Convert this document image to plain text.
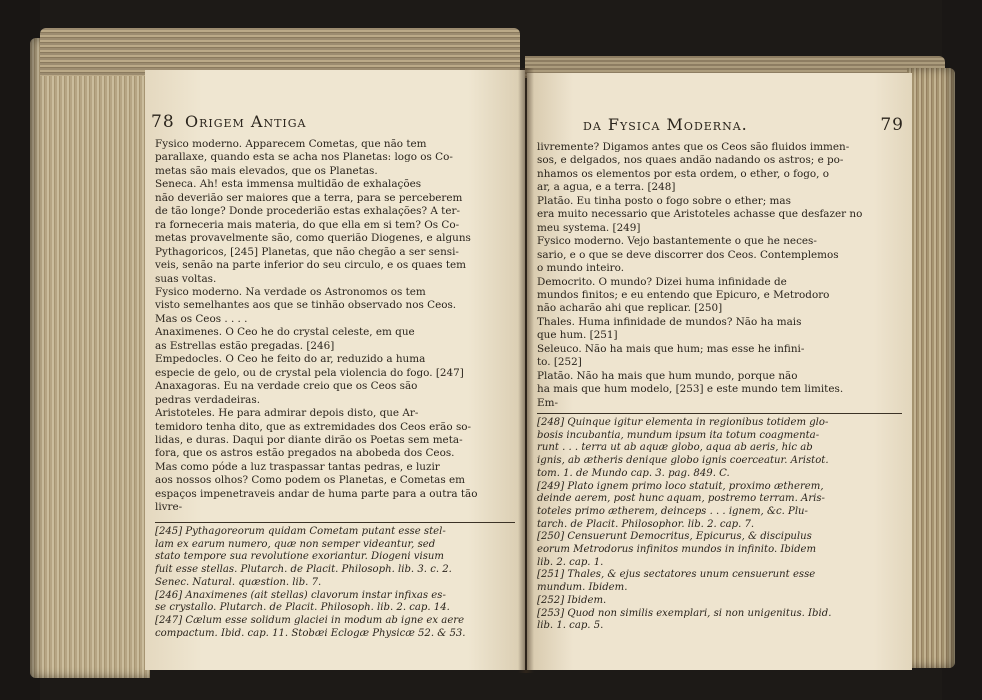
78 Origem Antiga
Fysico moderno. Apparecem Cometas, que não tem
parallaxe, quando esta se acha nos Planetas: logo os Co-
metas são mais elevados, que os Planetas.
Seneca. Ah! esta immensa multidão de exhalações
não deverião ser maiores que a terra, para se perceberem
de tão longe? Donde procederião estas exhalações? A ter-
ra forneceria mais materia, do que ella em si tem? Os Co-
metas provavelmente são, como querião Diogenes, e alguns
Pythagoricos, [245] Planetas, que não chegão a ser sensi-
veis, senão na parte inferior do seu circulo, e os quaes tem
suas voltas.
Fysico moderno. Na verdade os Astronomos os tem
visto semelhantes aos que se tinhão observado nos Ceos.
Mas os Ceos . . . .
Anaximenes. O Ceo he do crystal celeste, em que
as Estrellas estão pregadas. [246]
Empedocles. O Ceo he feito do ar, reduzido a huma
especie de gelo, ou de crystal pela violencia do fogo. [247]
Anaxagoras. Eu na verdade creio que os Ceos são
pedras verdadeiras.
Aristoteles. He para admirar depois disto, que Ar-
temidoro tenha dito, que as extremidades dos Ceos erão so-
lidas, e duras. Daqui por diante dirão os Poetas sem meta-
fora, que os astros estão pregados na abobeda dos Ceos.
Mas como póde a luz traspassar tantas pedras, e luzir
aos nossos olhos? Como podem os Planetas, e Cometas em
espaços impenetraveis andar de huma parte para a outra tão
livre-
[245] Pythagoreorum quidam Cometam putant esse stel-
lam ex earum numero, quæ non semper videantur, sed
stato tempore sua revolutione exoriantur. Diogeni visum
fuit esse stellas. Plutarch. de Placit. Philosoph. lib. 3. c. 2.
Senec. Natural. quæstion. lib. 7.
[246] Anaximenes (ait stellas) clavorum instar infixas es-
se crystallo. Plutarch. de Placit. Philosoph. lib. 2. cap. 14.
[247] Cælum esse solidum glaciei in modum ab igne ex aere
compactum. Ibid. cap. 11. Stobæi Eclogæ Physicæ 52. & 53.
da Fysica Moderna.	79
livremente? Digamos antes que os Ceos são fluidos immen-
sos, e delgados, nos quaes andão nadando os astros; e po-
nhamos os elementos por esta ordem, o ether, o fogo, o
ar, a agua, e a terra. [248]
Platão. Eu tinha posto o fogo sobre o ether; mas
era muito necessario que Aristoteles achasse que desfazer no
meu systema. [249]
Fysico moderno. Vejo bastantemente o que he neces-
sario, e o que se deve discorrer dos Ceos. Contemplemos
o mundo inteiro.
Democrito. O mundo? Dizei huma infinidade de
mundos finitos; e eu entendo que Epicuro, e Metrodoro
não acharão ahi que replicar. [250]
Thales. Huma infinidade de mundos? Não ha mais
que hum. [251]
Seleuco. Não ha mais que hum; mas esse he infini-
to. [252]
Platão. Não ha mais que hum mundo, porque não
ha mais que hum modelo, [253] e este mundo tem limites.
Em-
[248] Quinque igitur elementa in regionibus totidem glo-
bosis incubantia, mundum ipsum ita totum coagmenta-
runt . . . terra ut ab aquæ globo, aqua ab aeris, hic ab
ignis, ab ætheris denique globo ignis coerceatur. Aristot.
tom. 1. de Mundo cap. 3. pag. 849. C.
[249] Plato ignem primo loco statuit, proximo ætherem,
deinde aerem, post hunc aquam, postremo terram. Aris-
toteles primo ætherem, deinceps . . . ignem, &c. Plu-
tarch. de Placit. Philosophor. lib. 2. cap. 7.
[250] Censuerunt Democritus, Epicurus, & discipulus
eorum Metrodorus infinitos mundos in infinito. Ibidem
lib. 2. cap. 1.
[251] Thales, & ejus sectatores unum censuerunt esse
mundum. Ibidem.
[252] Ibidem.
[253] Quod non similis exemplari, si non unigenitus. Ibid.
lib. 1. cap. 5.
